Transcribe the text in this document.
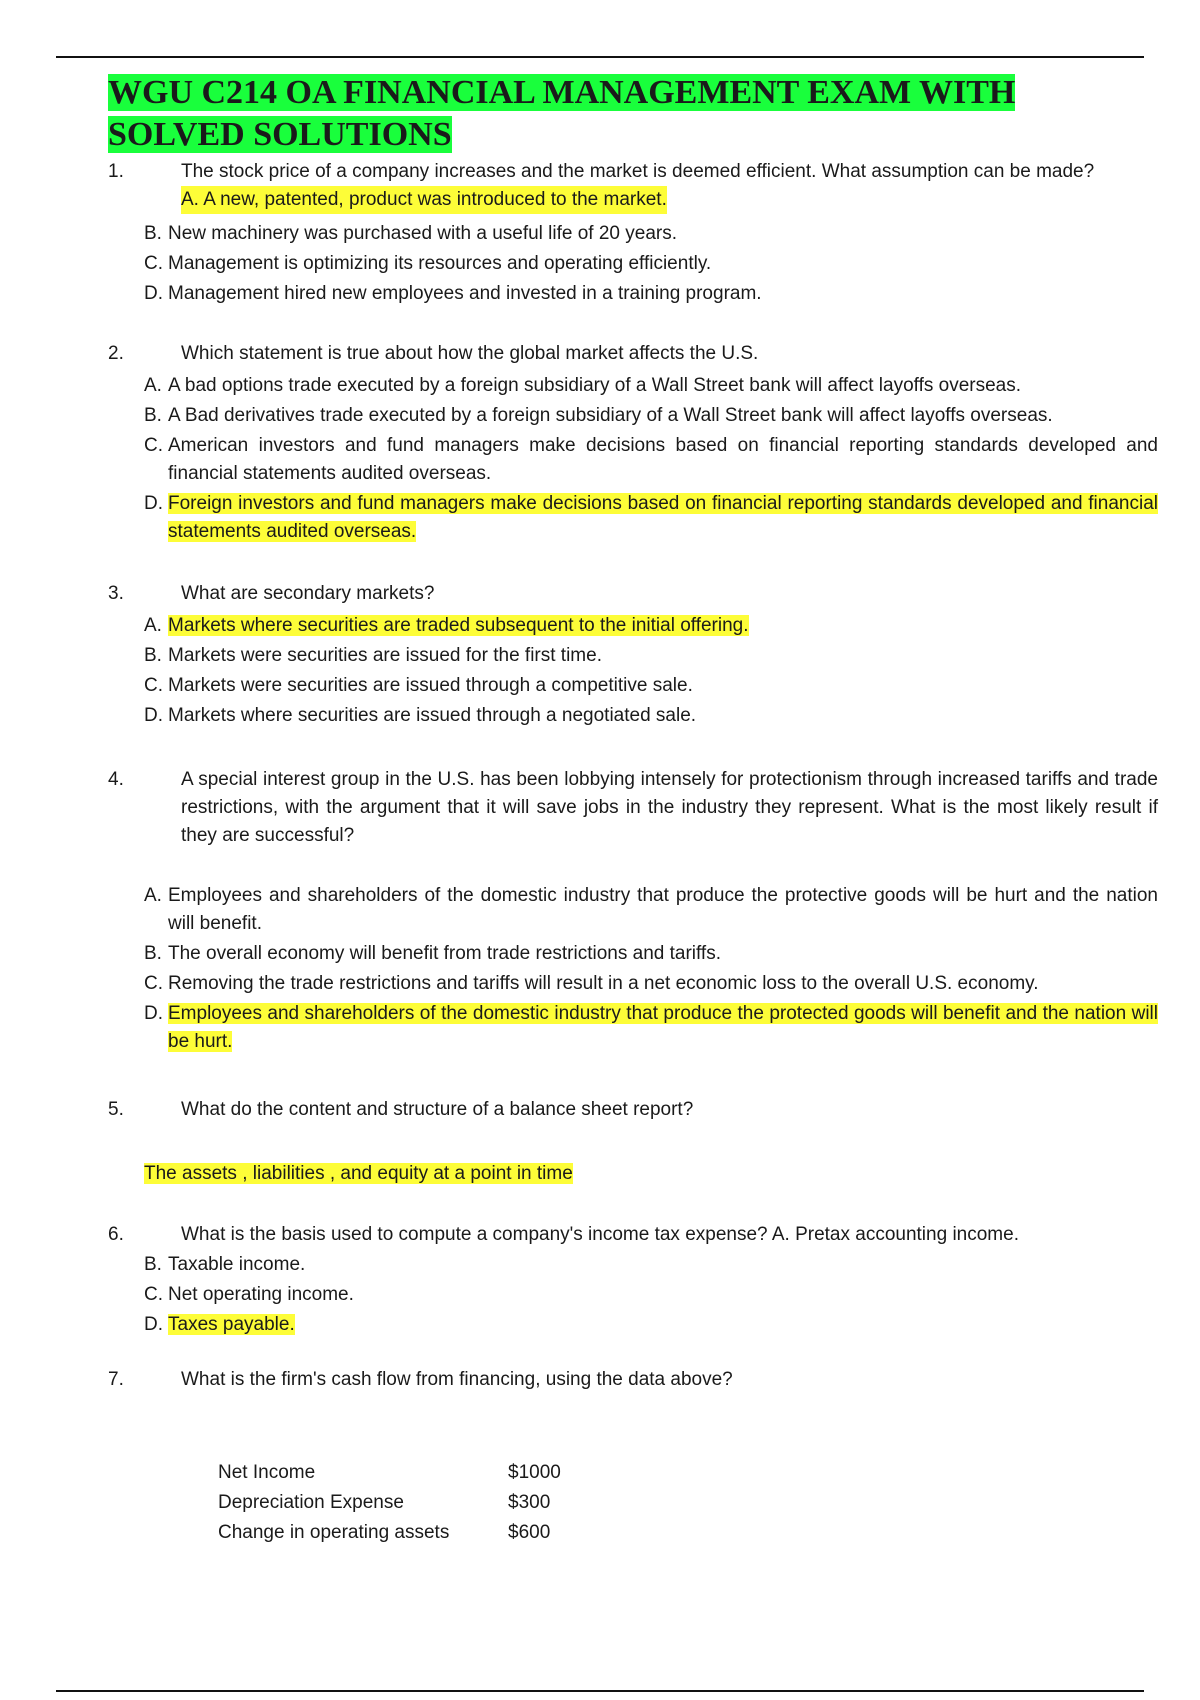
WGU C214 OA FINANCIAL MANAGEMENT EXAM WITH SOLVED SOLUTIONS
1.	The stock price of a company increases and the market is deemed efficient. What assumption can be made?
A. A new, patented, product was introduced to the market.
B. New machinery was purchased with a useful life of 20 years.
C. Management is optimizing its resources and operating efficiently.
D. Management hired new employees and invested in a training program.
2.	Which statement is true about how the global market affects the U.S.
A. A bad options trade executed by a foreign subsidiary of a Wall Street bank will affect layoffs overseas.
B. A Bad derivatives trade executed by a foreign subsidiary of a Wall Street bank will affect layoffs overseas.
C. American investors and fund managers make decisions based on financial reporting standards developed and financial statements audited overseas.
D. Foreign investors and fund managers make decisions based on financial reporting standards developed and financial statements audited overseas.
3.	What are secondary markets?
A. Markets where securities are traded subsequent to the initial offering.
B. Markets were securities are issued for the first time.
C. Markets were securities are issued through a competitive sale.
D. Markets where securities are issued through a negotiated sale.
4.	A special interest group in the U.S. has been lobbying intensely for protectionism through increased tariffs and trade restrictions, with the argument that it will save jobs in the industry they represent. What is the most likely result if they are successful?
A. Employees and shareholders of the domestic industry that produce the protective goods will be hurt and the nation will benefit.
B. The overall economy will benefit from trade restrictions and tariffs.
C. Removing the trade restrictions and tariffs will result in a net economic loss to the overall U.S. economy.
D. Employees and shareholders of the domestic industry that produce the protected goods will benefit and the nation will be hurt.
5.	What do the content and structure of a balance sheet report?
The assets , liabilities , and equity at a point in time
6.	What is the basis used to compute a company's income tax expense? A. Pretax accounting income.
B. Taxable income.
C. Net operating income.
D. Taxes payable.
7.	What is the firm's cash flow from financing, using the data above?
Net Income	$1000
Depreciation Expense	$300
Change in operating assets	$600
